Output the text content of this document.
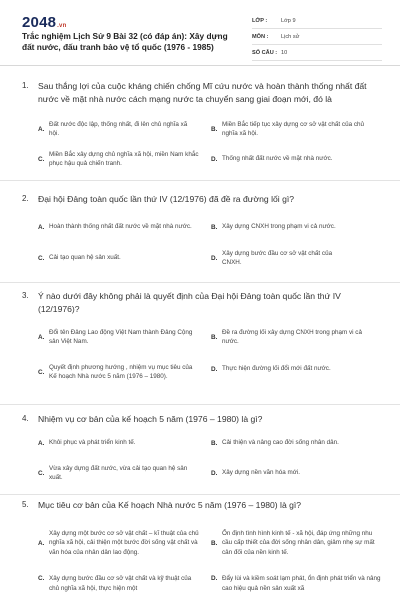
2048.vn
Trắc nghiệm Lịch Sử 9 Bài 32 (có đáp án): Xây dựng đất nước, đấu tranh bảo vệ tổ quốc (1976 - 1985)
LỚP :	Lớp 9
MÔN :	Lịch sử
SỐ CÂU : 10
1. Sau thắng lợi của cuộc kháng chiến chống Mĩ cứu nước và hoàn thành thống nhất đất nước về mặt nhà nước cách mạng nước ta chuyển sang giai đoạn mới, đó là
A.
Đất nước độc lập, thống nhất, đi lên chủ nghĩa xã hội.
B.
Miền Bắc tiếp tục xây dựng cơ sở vật chất của chủ nghĩa xã hội.
C.
Miền Bắc xây dựng chủ nghĩa xã hội, miền Nam khắc phục hậu quả chiến tranh.
D. Thống nhất đất nước về mặt nhà nước.
2. Đại hội Đảng toàn quốc lần thứ IV (12/1976) đã đề ra đường lối gì?
A. Hoàn thành thống nhất đất nước về mặt nhà nước.	B. Xây dựng CNXH trong phạm vi cả nước.
C. Cải tạo quan hệ sản xuất.	D.
Xây dựng bước đầu cơ sở vật chất của CNXH.
3. Ý nào dưới đây không phải là quyết định của Đại hội Đảng toàn quốc lần thứ IV (12/1976)?
A.
Đổi tên Đảng Lao động Việt Nam thành Đảng Cộng sản Việt Nam.
B.
Đề ra đường lối xây dựng CNXH trong phạm vi cả nước.
C.
Quyết định phương hướng , nhiệm vụ mục tiêu của Kế hoạch Nhà nước 5 năm (1976 – 1980).
D. Thực hiện đường lối đổi mới đất nước.
4. Nhiệm vụ cơ bản của kế hoạch 5 năm (1976 – 1980) là gì?
A. Khôi phục và phát triển kinh tế.	B. Cải thiện và nâng cao đời sống nhân dân.
C.
Vừa xây dựng đất nước, vừa cải tạo quan hệ sản xuất.
D. Xây dựng nền văn hóa mới.
5. Mục tiêu cơ bản của Kế hoạch Nhà nước 5 năm (1976 – 1980) là gì?
A.
Xây dựng một bước cơ sở vật chất – kĩ thuật của chủ nghĩa xã hội, cải thiện một bước đời sống vật chất và văn hóa của nhân dân lao động.
B.
Ổn định tình hình kinh tế - xã hội, đáp ứng những nhu cầu cấp thiết của đời sống nhân dân, giảm nhẹ sự mất cân đối của nền kinh tế.
C. Xây dựng bước đầu cơ sở vật chất và kỹ thuật của chủ nghĩa xã hội, thực hiện một
D. Đẩy lùi và kiềm soát lạm phát, ổn định phát triển và nâng cao hiệu quả nền sản xuất xã
